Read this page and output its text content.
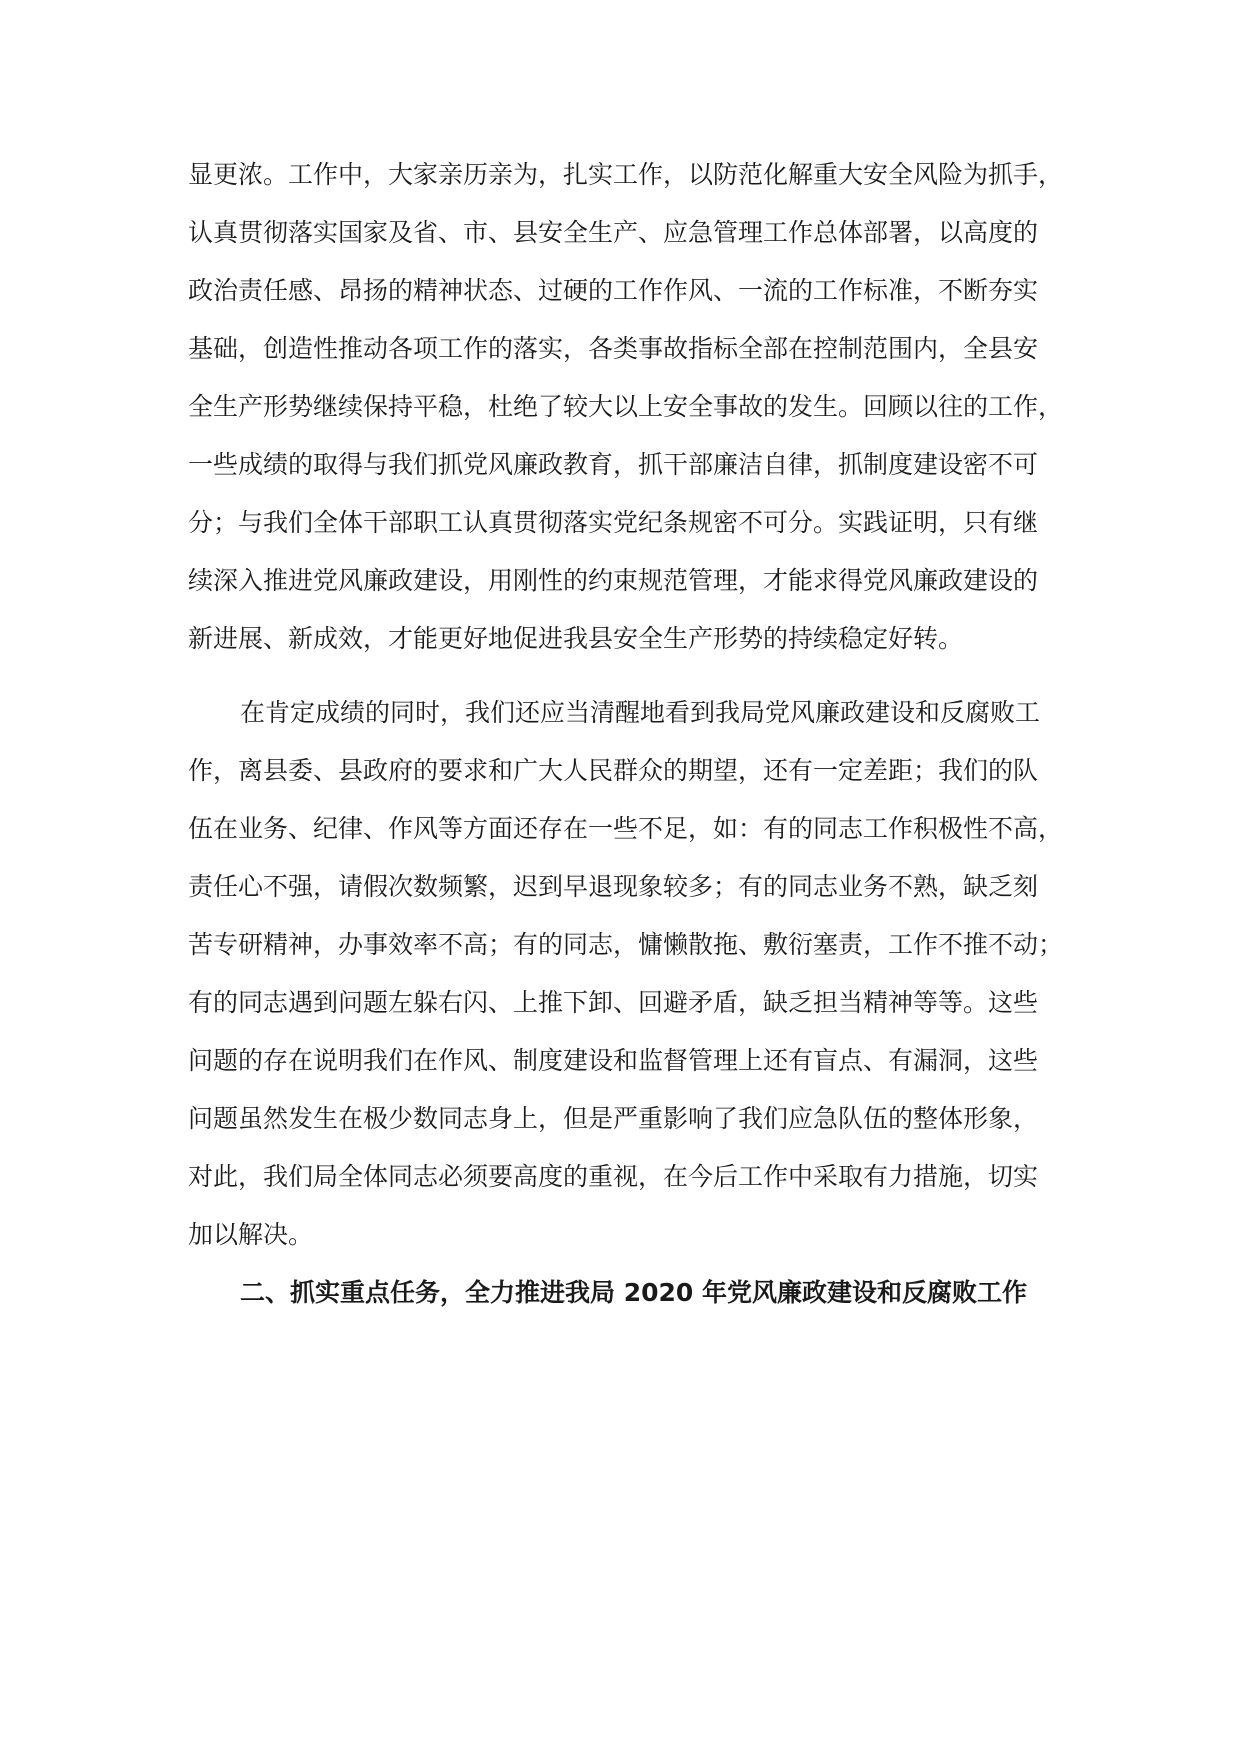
显更浓。工作中，大家亲历亲为，扎实工作，以防范化解重大安全风险为抓手，
认真贯彻落实国家及省、市、县安全生产、应急管理工作总体部署，以高度的
政治责任感、昂扬的精神状态、过硬的工作作风、一流的工作标准，不断夯实
基础，创造性推动各项工作的落实，各类事故指标全部在控制范围内，全县安
全生产形势继续保持平稳，杜绝了较大以上安全事故的发生。回顾以往的工作，
一些成绩的取得与我们抓党风廉政教育，抓干部廉洁自律，抓制度建设密不可
分；与我们全体干部职工认真贯彻落实党纪条规密不可分。实践证明，只有继
续深入推进党风廉政建设，用刚性的约束规范管理，才能求得党风廉政建设的
新进展、新成效，才能更好地促进我县安全生产形势的持续稳定好转。
在肯定成绩的同时，我们还应当清醒地看到我局党风廉政建设和反腐败工
作，离县委、县政府的要求和广大人民群众的期望，还有一定差距；我们的队
伍在业务、纪律、作风等方面还存在一些不足，如：有的同志工作积极性不高，
责任心不强，请假次数频繁，迟到早退现象较多；有的同志业务不熟，缺乏刻
苦专研精神，办事效率不高；有的同志，慵懒散拖、敷衍塞责，工作不推不动；
有的同志遇到问题左躲右闪、上推下卸、回避矛盾，缺乏担当精神等等。这些
问题的存在说明我们在作风、制度建设和监督管理上还有盲点、有漏洞，这些
问题虽然发生在极少数同志身上，但是严重影响了我们应急队伍的整体形象，
对此，我们局全体同志必须要高度的重视，在今后工作中采取有力措施，切实
加以解决。
二、抓实重点任务，全力推进我局 2020 年党风廉政建设和反腐败工作
